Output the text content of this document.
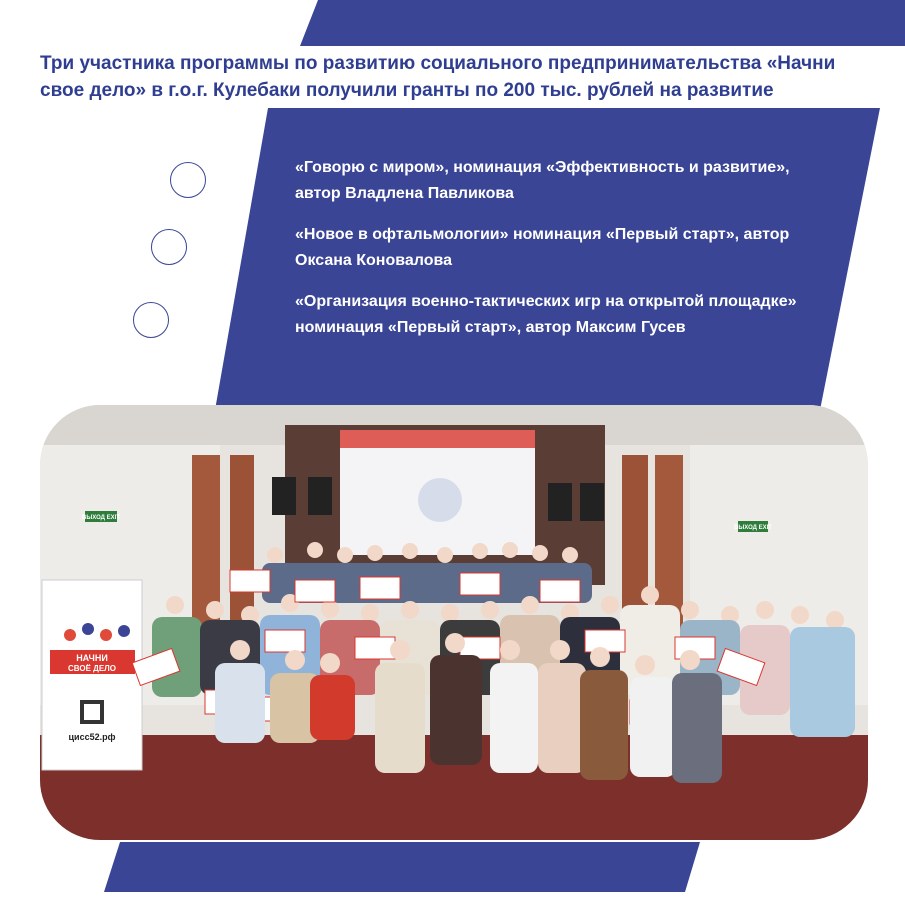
Три участника программы по развитию социального предпринимательства «Начни свое дело» в г.о.г. Кулебаки получили гранты по 200 тыс. рублей на развитие
«Говорю с миром», номинация «Эффективность и развитие», автор Владлена Павликова
«Новое в офтальмологии» номинация «Первый старт», автор Оксана Коновалова
«Организация военно-тактических игр на открытой площадке» номинация «Первый старт», автор Максим Гусев
ВЫХОД EXIT
ВЫХОД EXIT
НАЧНИ
СВОЁ ДЕЛО
цисс52.рф
